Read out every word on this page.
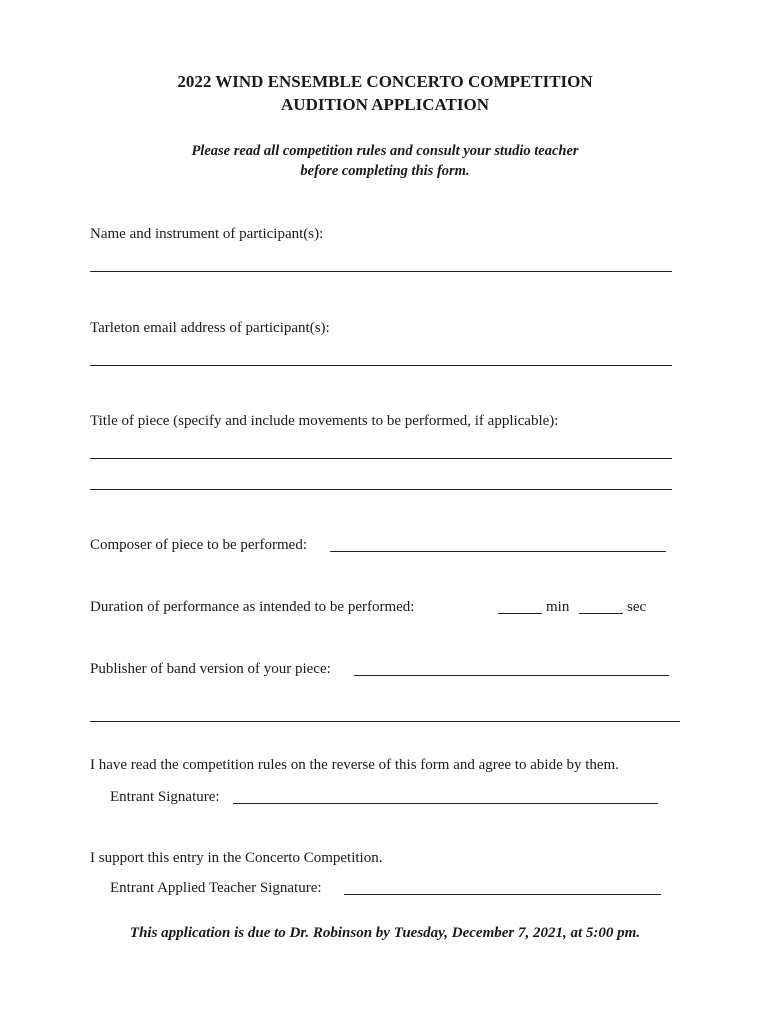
2022 WIND ENSEMBLE CONCERTO COMPETITION
AUDITION APPLICATION
Please read all competition rules and consult your studio teacher
before completing this form.
Name and instrument of participant(s):
Tarleton email address of participant(s):
Title of piece (specify and include movements to be performed, if applicable):
Composer of piece to be performed:
Duration of performance as intended to be performed:	min	sec
Publisher of band version of your piece:
I have read the competition rules on the reverse of this form and agree to abide by them.
Entrant Signature:
I support this entry in the Concerto Competition.
Entrant Applied Teacher Signature:
This application is due to Dr. Robinson by Tuesday, December 7, 2021, at 5:00 pm.
